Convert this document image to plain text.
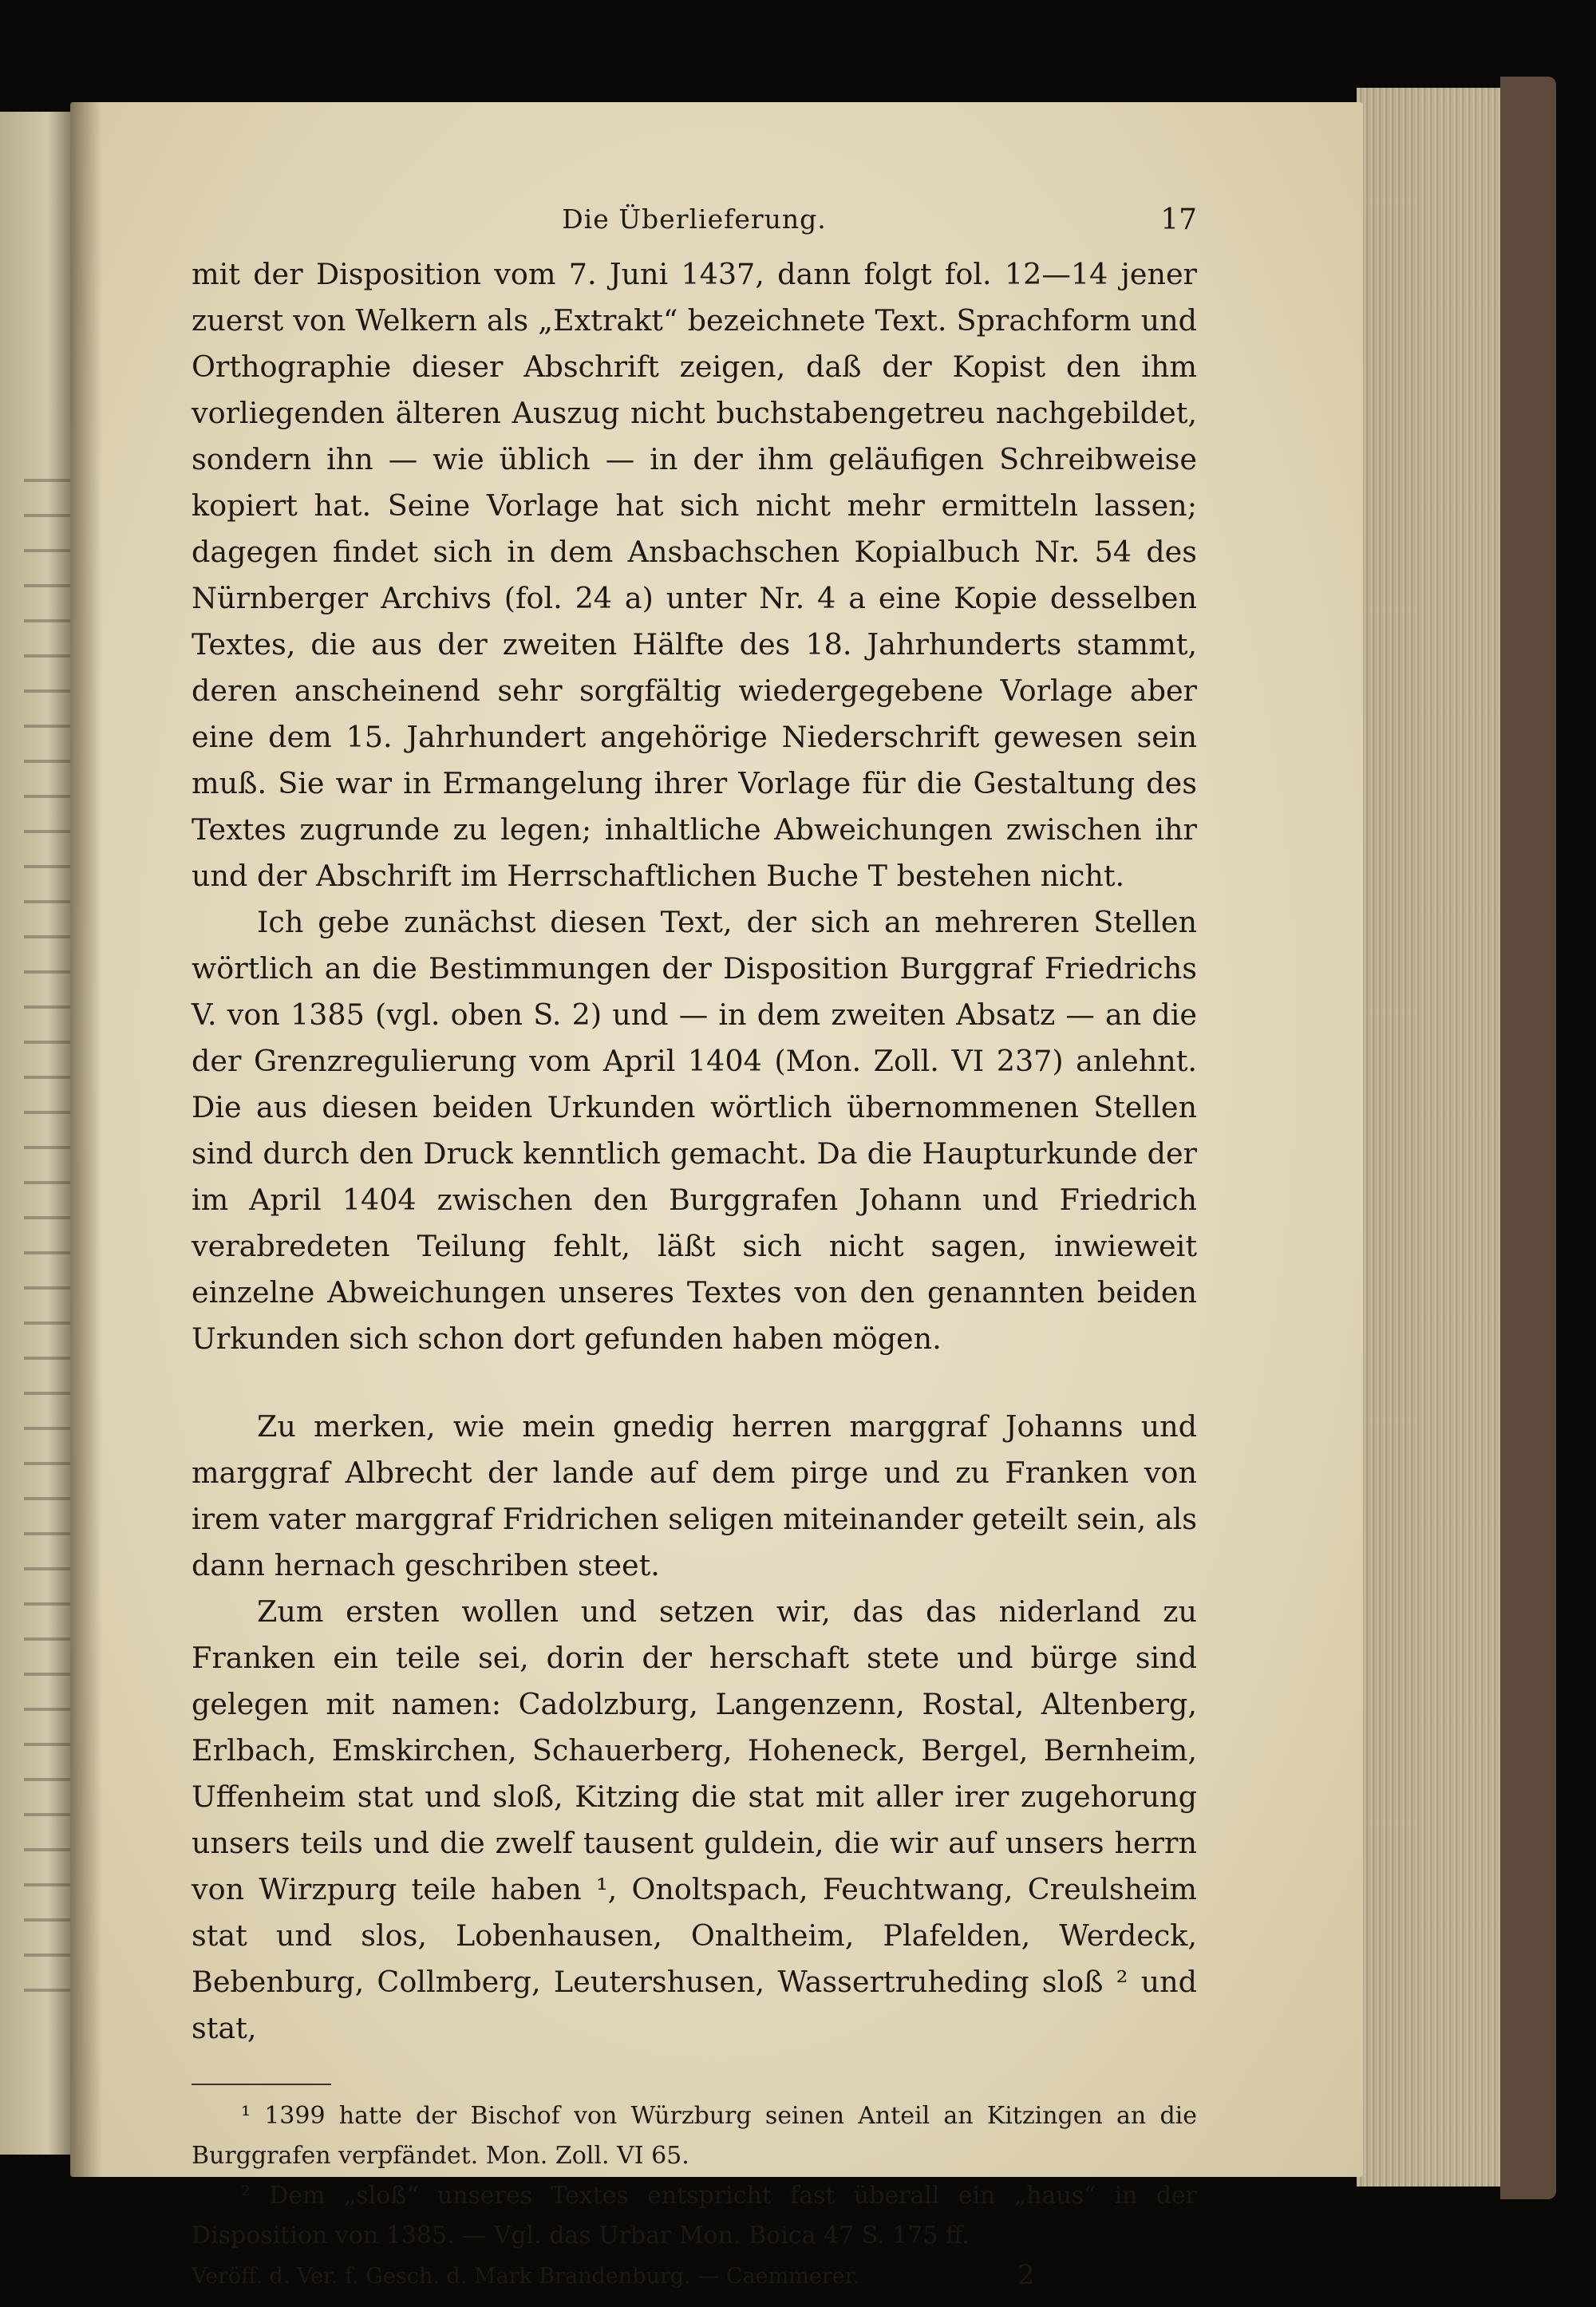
Die Überlieferung.	17

mit der Disposition vom 7. Juni 1437, dann folgt fol. 12—14 jener zuerst von Welkern als „Extrakt“ bezeichnete Text. Sprachform und Orthographie dieser Abschrift zeigen, daß der Kopist den ihm vorliegenden älteren Auszug nicht buchstabengetreu nachgebildet, sondern ihn — wie üblich — in der ihm geläufigen Schreibweise kopiert hat. Seine Vorlage hat sich nicht mehr ermitteln lassen; dagegen findet sich in dem Ansbachschen Kopialbuch Nr. 54 des Nürnberger Archivs (fol. 24 a) unter Nr. 4 a eine Kopie desselben Textes, die aus der zweiten Hälfte des 18. Jahrhunderts stammt, deren anscheinend sehr sorgfältig wiedergegebene Vorlage aber eine dem 15. Jahrhundert angehörige Niederschrift gewesen sein muß. Sie war in Ermangelung ihrer Vorlage für die Gestaltung des Textes zugrunde zu legen; inhaltliche Abweichungen zwischen ihr und der Abschrift im Herrschaftlichen Buche T bestehen nicht.

Ich gebe zunächst diesen Text, der sich an mehreren Stellen wörtlich an die Bestimmungen der Disposition Burggraf Friedrichs V. von 1385 (vgl. oben S. 2) und — in dem zweiten Absatz — an die der Grenzregulierung vom April 1404 (Mon. Zoll. VI 237) anlehnt. Die aus diesen beiden Urkunden wörtlich übernommenen Stellen sind durch den Druck kenntlich gemacht. Da die Haupturkunde der im April 1404 zwischen den Burggrafen Johann und Friedrich verabredeten Teilung fehlt, läßt sich nicht sagen, inwieweit einzelne Abweichungen unseres Textes von den genannten beiden Urkunden sich schon dort gefunden haben mögen.

Zu merken, wie mein gnedig herren marggraf Johanns und marggraf Albrecht der lande auf dem pirge und zu Franken von irem vater marggraf Fridrichen seligen miteinander geteilt sein, als dann hernach geschriben steet.

Zum ersten wollen und setzen wir, das das niderland zu Franken ein teile sei, dorin der herschaft stete und bürge sind gelegen mit namen: Cadolzburg, Langenzenn, Rostal, Altenberg, Erlbach, Emskirchen, Schauerberg, Hoheneck, Bergel, Bernheim, Uffenheim stat und sloß, Kitzing die stat mit aller irer zugehorung unsers teils und die zwelf tausent guldein, die wir auf unsers herrn von Wirzpurg teile haben ¹, Onoltspach, Feuchtwang, Creulsheim stat und slos, Lobenhausen, Onaltheim, Plafelden, Werdeck, Bebenburg, Collmberg, Leutershusen, Wassertruheding sloß ² und stat,

¹ 1399 hatte der Bischof von Würzburg seinen Anteil an Kitzingen an die Burggrafen verpfändet. Mon. Zoll. VI 65.

² Dem „sloß“ unseres Textes entspricht fast überall ein „haus“ in der Disposition von 1385. — Vgl. das Urbar Mon. Boica 47 S. 175 ff.

Veröff. d. Ver. f. Gesch. d. Mark Brandenburg. — Caemmerer.	2
